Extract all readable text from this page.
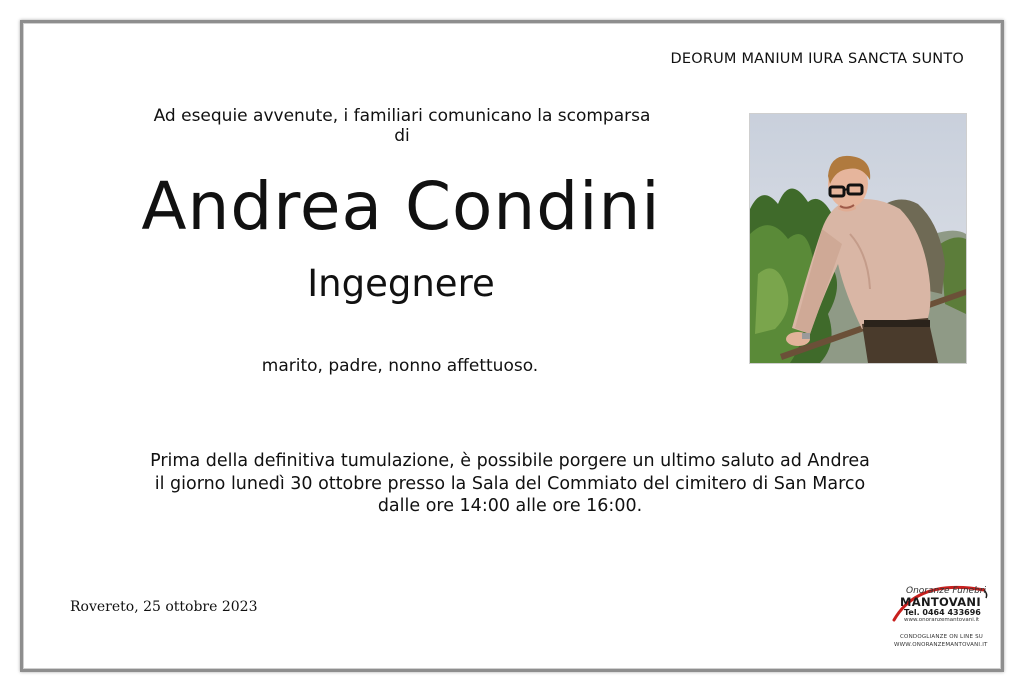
DEORUM MANIUM IURA SANCTA SUNTO
Ad esequie avvenute, i familiari comunicano la scomparsa di
Andrea Condini
Ingegnere
marito, padre, nonno affettuoso.
Prima della definitiva tumulazione, è possibile porgere un ultimo saluto ad Andrea
il giorno lunedì 30 ottobre presso la Sala del Commiato del cimitero di San Marco
dalle ore 14:00 alle ore 16:00.
Rovereto, 25 ottobre 2023
Onoranze Funebri
MANTOVANI
Tel. 0464 433696
www.onoranzemantovani.it
CONDOGLIANZE ON LINE SU
WWW.ONORANZEMANTOVANI.IT
